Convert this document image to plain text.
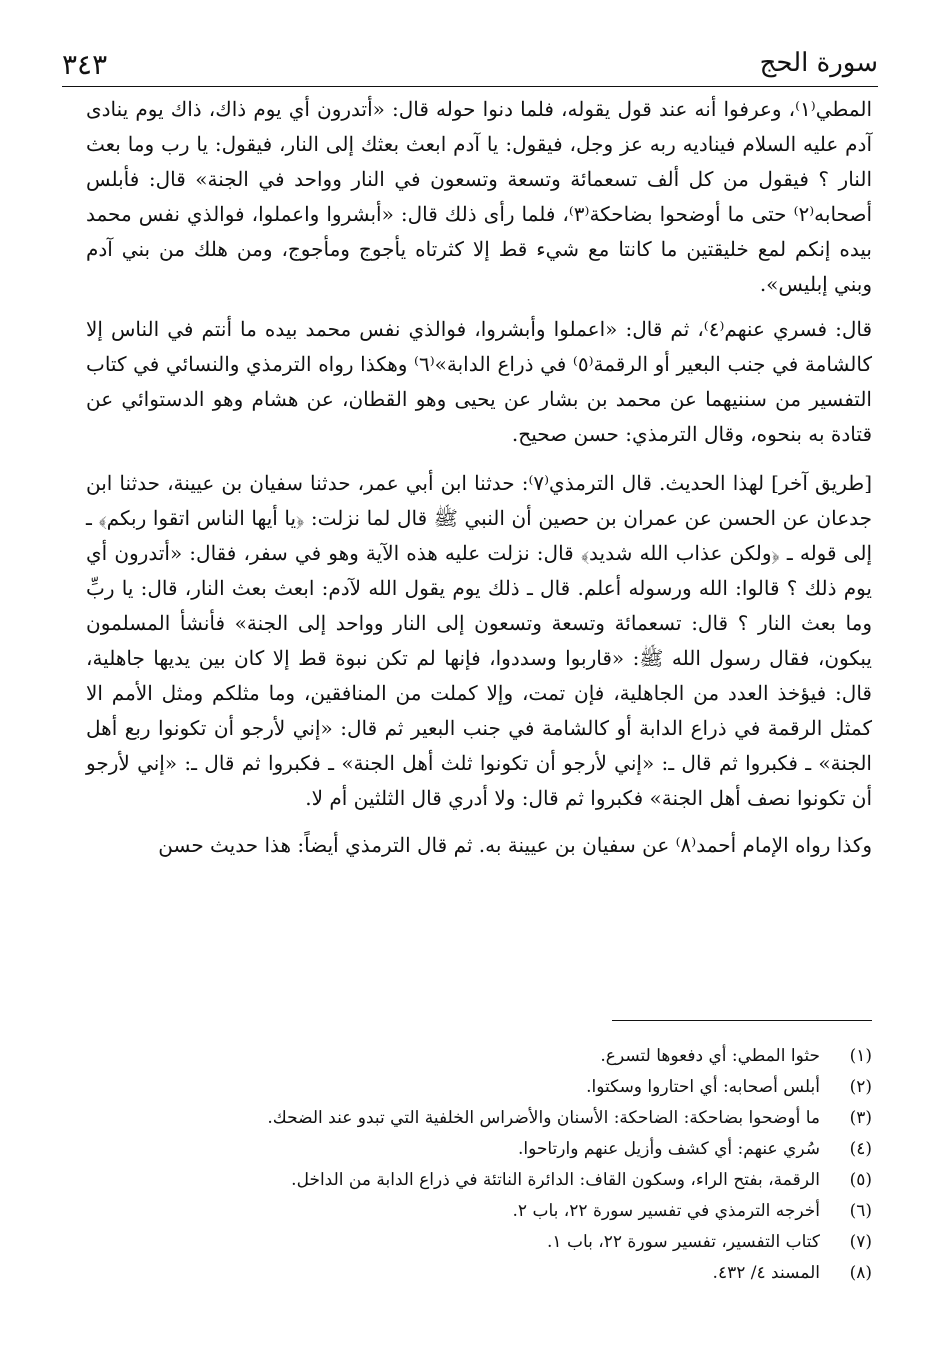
سورة الحج
٣٤٣

المطي⁽١⁾، وعرفوا أنه عند قول يقوله، فلما دنوا حوله قال: «أتدرون أي يوم ذاك، ذاك يوم ينادى آدم عليه السلام فيناديه ربه عز وجل، فيقول: يا آدم ابعث بعثك إلى النار، فيقول: يا رب وما بعث النار ؟ فيقول من كل ألف تسعمائة وتسعة وتسعون في النار وواحد في الجنة» قال: فأبلس أصحابه⁽٢⁾ حتى ما أوضحوا بضاحكة⁽٣⁾، فلما رأى ذلك قال: «أبشروا واعملوا، فوالذي نفس محمد بيده إنكم لمع خليقتين ما كانتا مع شيء قط إلا كثرتاه يأجوج ومأجوج، ومن هلك من بني آدم وبني إبليس».

قال: فسري عنهم⁽٤⁾، ثم قال: «اعملوا وأبشروا، فوالذي نفس محمد بيده ما أنتم في الناس إلا كالشامة في جنب البعير أو الرقمة⁽٥⁾ في ذراع الدابة»⁽٦⁾ وهكذا رواه الترمذي والنسائي في كتاب التفسير من سننيهما عن محمد بن بشار عن يحيى وهو القطان، عن هشام وهو الدستوائي عن قتادة به بنحوه، وقال الترمذي: حسن صحيح.

[طريق آخر] لهذا الحديث. قال الترمذي⁽٧⁾: حدثنا ابن أبي عمر، حدثنا سفيان بن عيينة، حدثنا ابن جدعان عن الحسن عن عمران بن حصين أن النبي ﷺ قال لما نزلت: ﴿يا أيها الناس اتقوا ربكم﴾ ـ إلى قوله ـ ﴿ولكن عذاب الله شديد﴾ قال: نزلت عليه هذه الآية وهو في سفر، فقال: «أتدرون أي يوم ذلك ؟ قالوا: الله ورسوله أعلم. قال ـ ذلك يوم يقول الله لآدم: ابعث بعث النار، قال: يا ربِّ وما بعث النار ؟ قال: تسعمائة وتسعة وتسعون إلى النار وواحد إلى الجنة» فأنشأ المسلمون يبكون، فقال رسول الله ﷺ: «قاربوا وسددوا، فإنها لم تكن نبوة قط إلا كان بين يديها جاهلية، قال: فيؤخذ العدد من الجاهلية، فإن تمت، وإلا كملت من المنافقين، وما مثلكم ومثل الأمم الا كمثل الرقمة في ذراع الدابة أو كالشامة في جنب البعير ثم قال: «إني لأرجو أن تكونوا ربع أهل الجنة» ـ فكبروا ثم قال ـ: «إني لأرجو أن تكونوا ثلث أهل الجنة» ـ فكبروا ثم قال ـ: «إني لأرجو أن تكونوا نصف أهل الجنة» فكبروا ثم قال: ولا أدري قال الثلثين أم لا.

وكذا رواه الإمام أحمد⁽٨⁾ عن سفيان بن عيينة به. ثم قال الترمذي أيضاً: هذا حديث حسن

(١)
حثوا المطي: أي دفعوها لتسرع.
(٢)
أبلس أصحابه: أي احتاروا وسكتوا.
(٣)
ما أوضحوا بضاحكة: الضاحكة: الأسنان والأضراس الخلفية التي تبدو عند الضحك.
(٤)
سُري عنهم: أي كشف وأزيل عنهم وارتاحوا.
(٥)
الرقمة، بفتح الراء، وسكون القاف: الدائرة الناتئة في ذراع الدابة من الداخل.
(٦)
أخرجه الترمذي في تفسير سورة ٢٢، باب ٢.
(٧)
كتاب التفسير، تفسير سورة ٢٢، باب ١.
(٨)
المسند ٤/ ٤٣٢.
